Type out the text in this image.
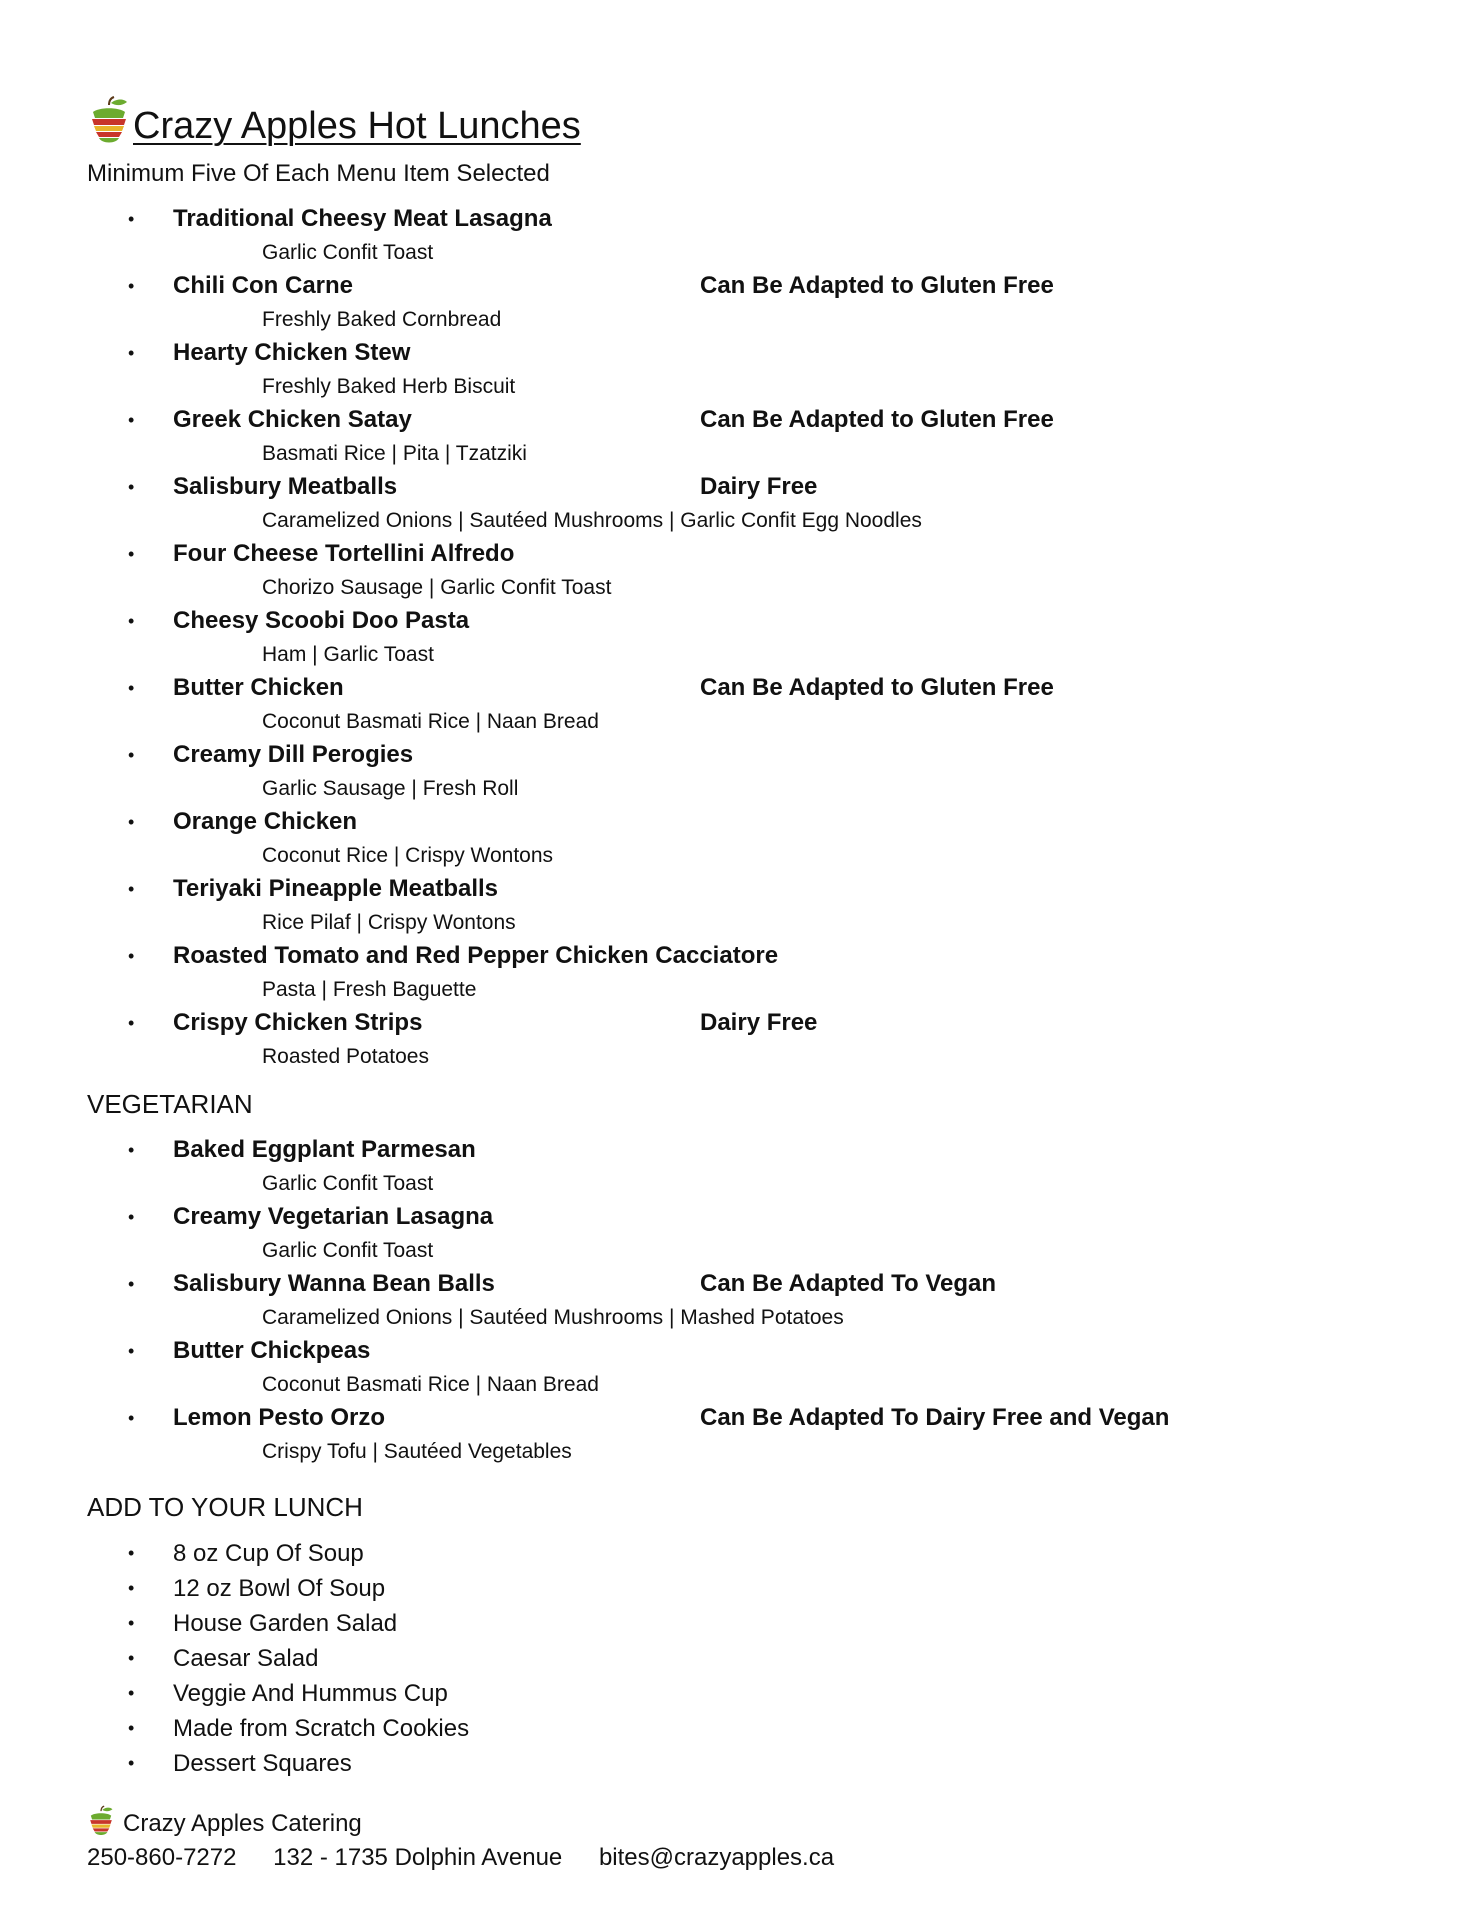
Crazy Apples Hot Lunches
Minimum Five Of Each Menu Item Selected
• Traditional Cheesy Meat Lasagna
Garlic Confit Toast
• Chili Con Carne	Can Be Adapted to Gluten Free
Freshly Baked Cornbread
• Hearty Chicken Stew
Freshly Baked Herb Biscuit
• Greek Chicken Satay	Can Be Adapted to Gluten Free
Basmati Rice | Pita | Tzatziki
• Salisbury Meatballs	Dairy Free
Caramelized Onions | Sautéed Mushrooms | Garlic Confit Egg Noodles
• Four Cheese Tortellini Alfredo
Chorizo Sausage | Garlic Confit Toast
• Cheesy Scoobi Doo Pasta
Ham | Garlic Toast
• Butter Chicken	Can Be Adapted to Gluten Free
Coconut Basmati Rice | Naan Bread
• Creamy Dill Perogies
Garlic Sausage | Fresh Roll
• Orange Chicken
Coconut Rice | Crispy Wontons
• Teriyaki Pineapple Meatballs
Rice Pilaf | Crispy Wontons
• Roasted Tomato and Red Pepper Chicken Cacciatore
Pasta | Fresh Baguette
• Crispy Chicken Strips	Dairy Free
Roasted Potatoes
VEGETARIAN
• Baked Eggplant Parmesan
Garlic Confit Toast
• Creamy Vegetarian Lasagna
Garlic Confit Toast
• Salisbury Wanna Bean Balls	Can Be Adapted To Vegan
Caramelized Onions | Sautéed Mushrooms | Mashed Potatoes
• Butter Chickpeas
Coconut Basmati Rice | Naan Bread
• Lemon Pesto Orzo	Can Be Adapted To Dairy Free and Vegan
Crispy Tofu | Sautéed Vegetables
ADD TO YOUR LUNCH
• 8 oz Cup Of Soup
• 12 oz Bowl Of Soup
• House Garden Salad
• Caesar Salad
• Veggie And Hummus Cup
• Made from Scratch Cookies
• Dessert Squares
Crazy Apples Catering
250-860-7272 132 - 1735 Dolphin Avenue bites@crazyapples.ca
